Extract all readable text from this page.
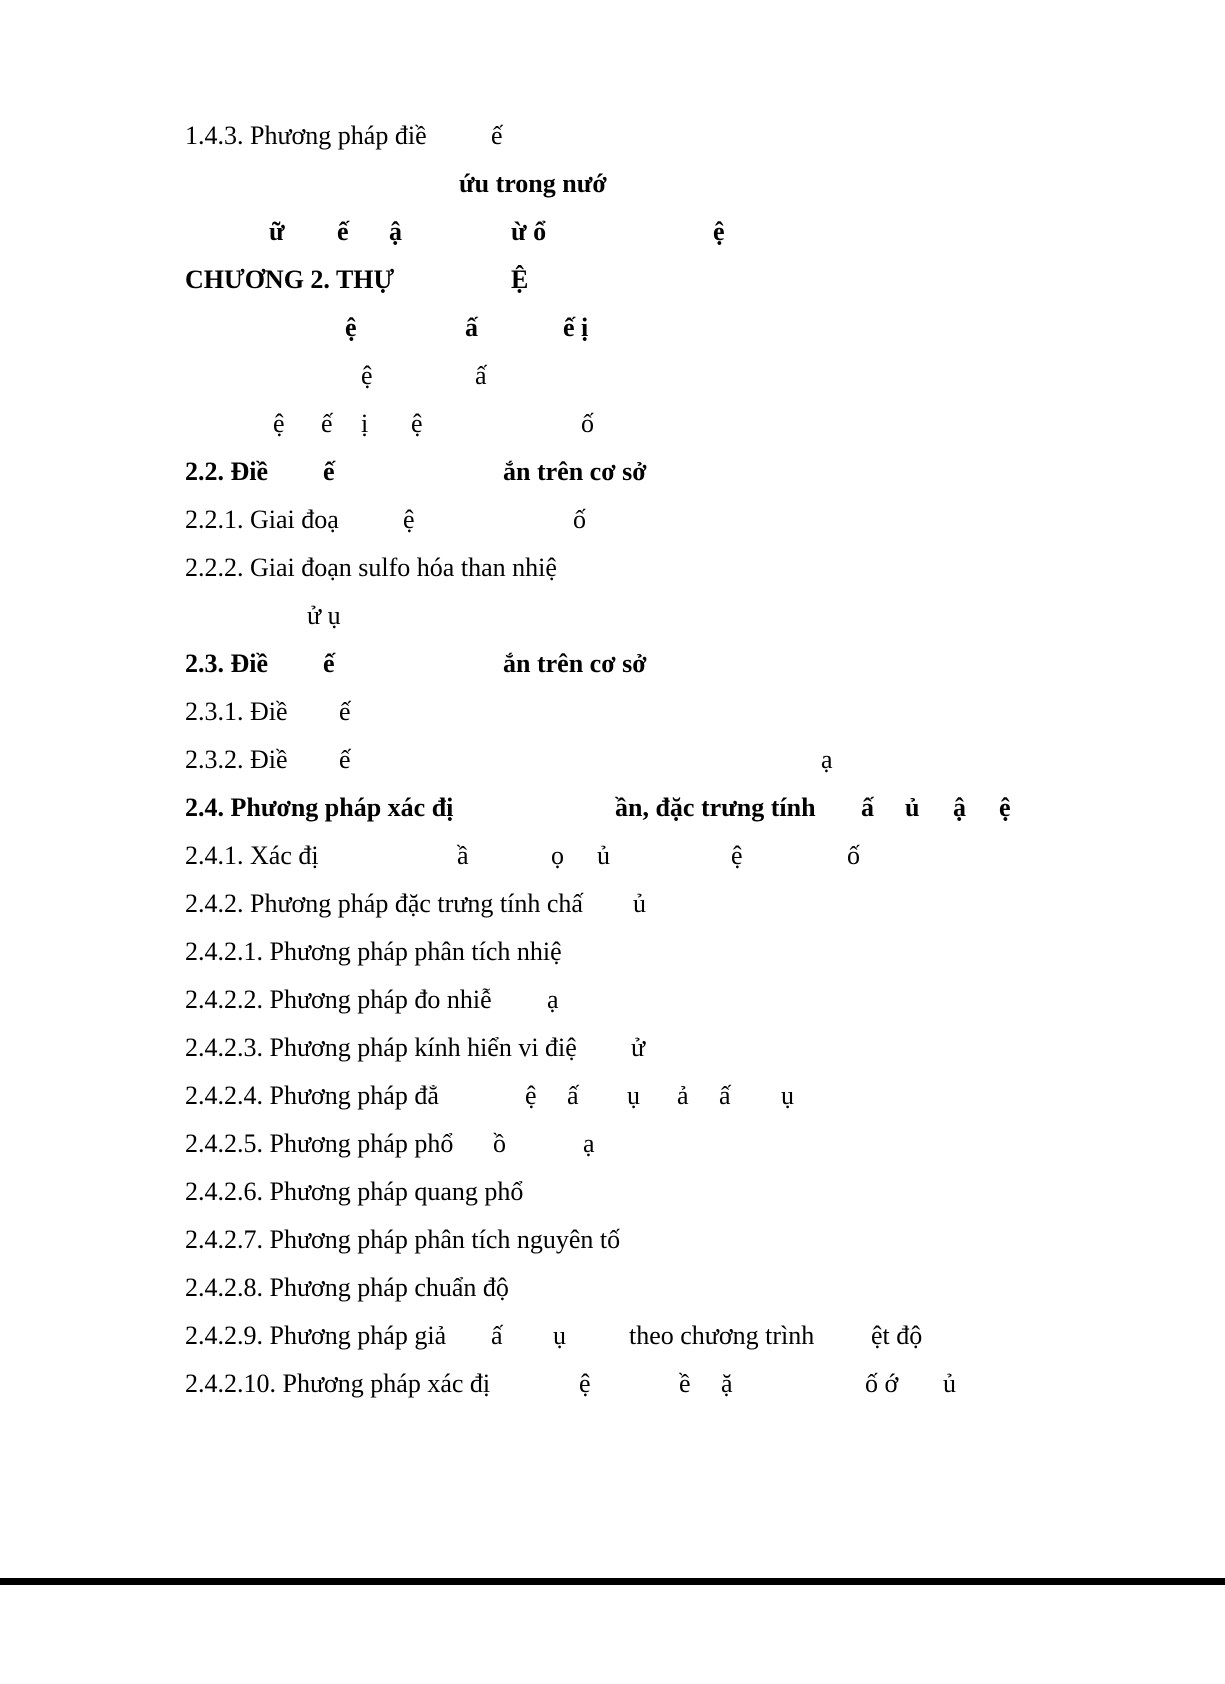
1.4.3. Phương pháp điề

ế

ứu trong nướ

ữ

ế

ậ

	ừ ổ

	ệ

CHƯƠNG 2. THỰ

	Ệ

ệ

	ấ

	ế ị

ệ

	ấ

ệ

ế

ị

ệ

	ố

2.2. Điề

ế

	ắn trên cơ sở

2.2.1. Giai đoạ

ệ

	ố

2.2.2. Giai đoạn sulfo hóa than nhiệ

ử ụ

2.3. Điề

ế

	ắn trên cơ sở

2.3.1. Điề

ế

2.3.2. Điề

ế

	ạ

2.4. Phương pháp xác đị

	ần, đặc trưng tính

ấ

ủ

ậ

ệ

2.4.1. Xác đị

	ầ

	ọ

ủ

	ệ

	ố

2.4.2. Phương pháp đặc trưng tính chấ

ủ

2.4.2.1. Phương pháp phân tích nhiệ

2.4.2.2. Phương pháp đo nhiễ

ạ

2.4.2.3. Phương pháp kính hiển vi điệ

ử

2.4.2.4. Phương pháp đẳ

	ệ

ấ

ụ

ả

ấ

ụ

2.4.2.5. Phương pháp phổ

ồ

	ạ

2.4.2.6. Phương pháp quang phổ

2.4.2.7. Phương pháp phân tích nguyên tố

2.4.2.8. Phương pháp chuẩn độ

2.4.2.9. Phương pháp giả

ấ

ụ

theo chương trình

ệt độ

2.4.2.10. Phương pháp xác đị

	ệ

	ề

ặ

	ố ớ

ủ
